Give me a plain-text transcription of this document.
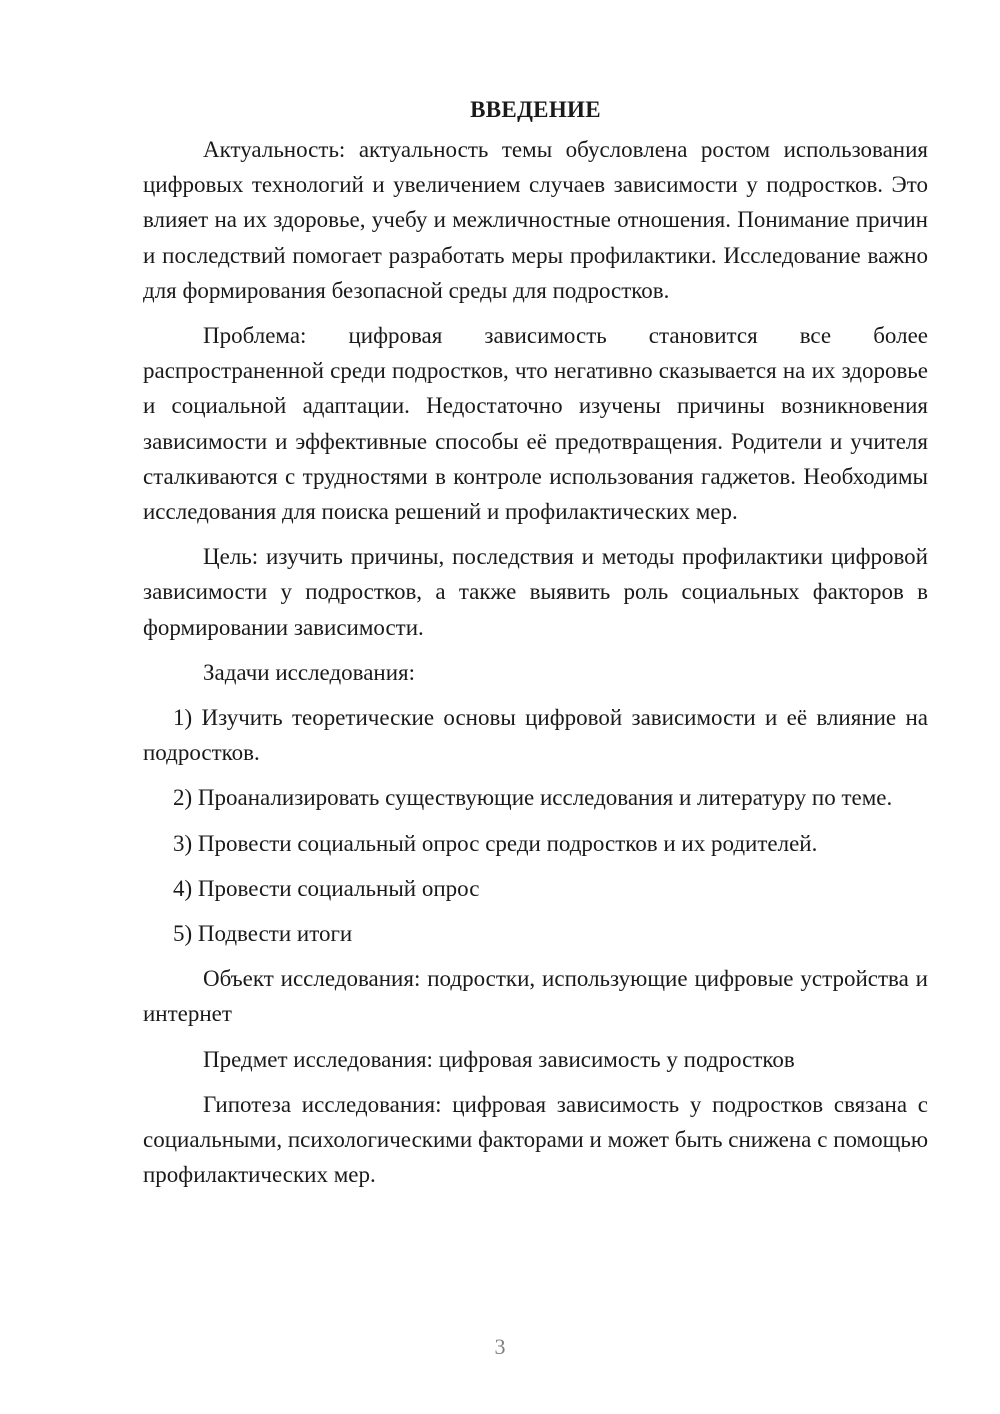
ВВЕДЕНИЕ

Актуальность: актуальность темы обусловлена ростом использования цифровых технологий и увеличением случаев зависимости у подростков. Это влияет на их здоровье, учебу и межличностные отношения. Понимание причин и последствий помогает разработать меры профилактики. Исследование важно для формирования безопасной среды для подростков.

Проблема: цифровая зависимость становится все более распространенной среди подростков, что негативно сказывается на их здоровье и социальной адаптации. Недостаточно изучены причины возникновения зависимости и эффективные способы её предотвращения. Родители и учителя сталкиваются с трудностями в контроле использования гаджетов. Необходимы исследования для поиска решений и профилактических мер.

Цель: изучить причины, последствия и методы профилактики цифровой зависимости у подростков, а также выявить роль социальных факторов в формировании зависимости.

Задачи исследования:

1) Изучить теоретические основы цифровой зависимости и её влияние на подростков.

2) Проанализировать существующие исследования и литературу по теме.

3) Провести социальный опрос среди подростков и их родителей.

4) Провести социальный опрос

5) Подвести итоги

Объект исследования: подростки, использующие цифровые устройства и интернет

Предмет исследования: цифровая зависимость у подростков

Гипотеза исследования: цифровая зависимость у подростков связана с социальными, психологическими факторами и может быть снижена с помощью профилактических мер.

3
